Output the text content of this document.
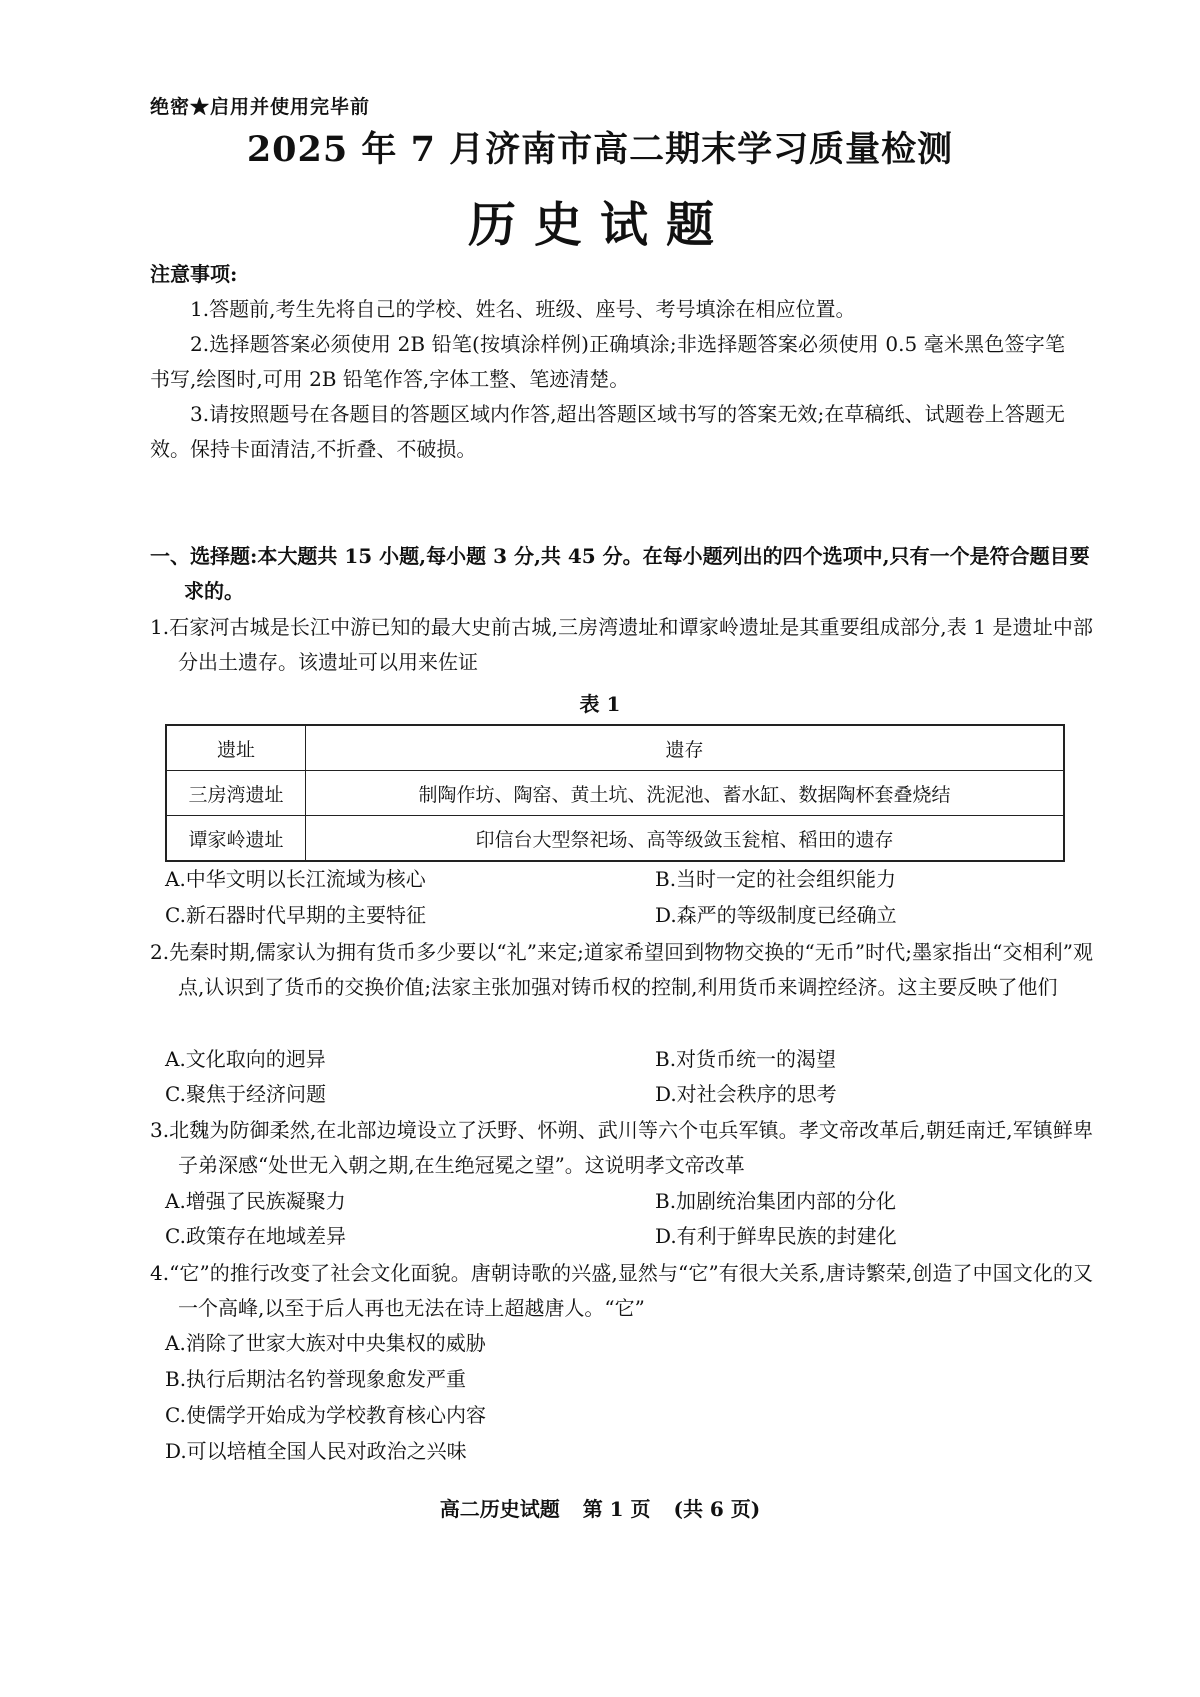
绝密★启用并使用完毕前
2025 年 7 月济南市高二期末学习质量检测
历史试题
注意事项:
1.答题前,考生先将自己的学校、姓名、班级、座号、考号填涂在相应位置。
2.选择题答案必须使用 2B 铅笔(按填涂样例)正确填涂;非选择题答案必须使用 0.5 毫米黑色签字笔书写,绘图时,可用 2B 铅笔作答,字体工整、笔迹清楚。
3.请按照题号在各题目的答题区域内作答,超出答题区域书写的答案无效;在草稿纸、试题卷上答题无效。保持卡面清洁,不折叠、不破损。
一、选择题:本大题共 15 小题,每小题 3 分,共 45 分。在每小题列出的四个选项中,只有一个是符合题目要求的。
1.石家河古城是长江中游已知的最大史前古城,三房湾遗址和谭家岭遗址是其重要组成部分,表 1 是遗址中部分出土遗存。该遗址可以用来佐证
表 1
遗址	遗存
三房湾遗址	制陶作坊、陶窑、黄土坑、洗泥池、蓄水缸、数据陶杯套叠烧结
谭家岭遗址	印信台大型祭祀场、高等级敛玉瓮棺、稻田的遗存
A.中华文明以长江流域为核心	B.当时一定的社会组织能力
C.新石器时代早期的主要特征	D.森严的等级制度已经确立
2.先秦时期,儒家认为拥有货币多少要以“礼”来定;道家希望回到物物交换的“无币”时代;墨家指出“交相利”观点,认识到了货币的交换价值;法家主张加强对铸币权的控制,利用货币来调控经济。这主要反映了他们
A.文化取向的迥异	B.对货币统一的渴望
C.聚焦于经济问题	D.对社会秩序的思考
3.北魏为防御柔然,在北部边境设立了沃野、怀朔、武川等六个屯兵军镇。孝文帝改革后,朝廷南迁,军镇鲜卑子弟深感“处世无入朝之期,在生绝冠冕之望”。这说明孝文帝改革
A.增强了民族凝聚力	B.加剧统治集团内部的分化
C.政策存在地域差异	D.有利于鲜卑民族的封建化
4.“它”的推行改变了社会文化面貌。唐朝诗歌的兴盛,显然与“它”有很大关系,唐诗繁荣,创造了中国文化的又一个高峰,以至于后人再也无法在诗上超越唐人。“它”
A.消除了世家大族对中央集权的威胁
B.执行后期沽名钓誉现象愈发严重
C.使儒学开始成为学校教育核心内容
D.可以培植全国人民对政治之兴味
高二历史试题 第 1 页 (共 6 页)
